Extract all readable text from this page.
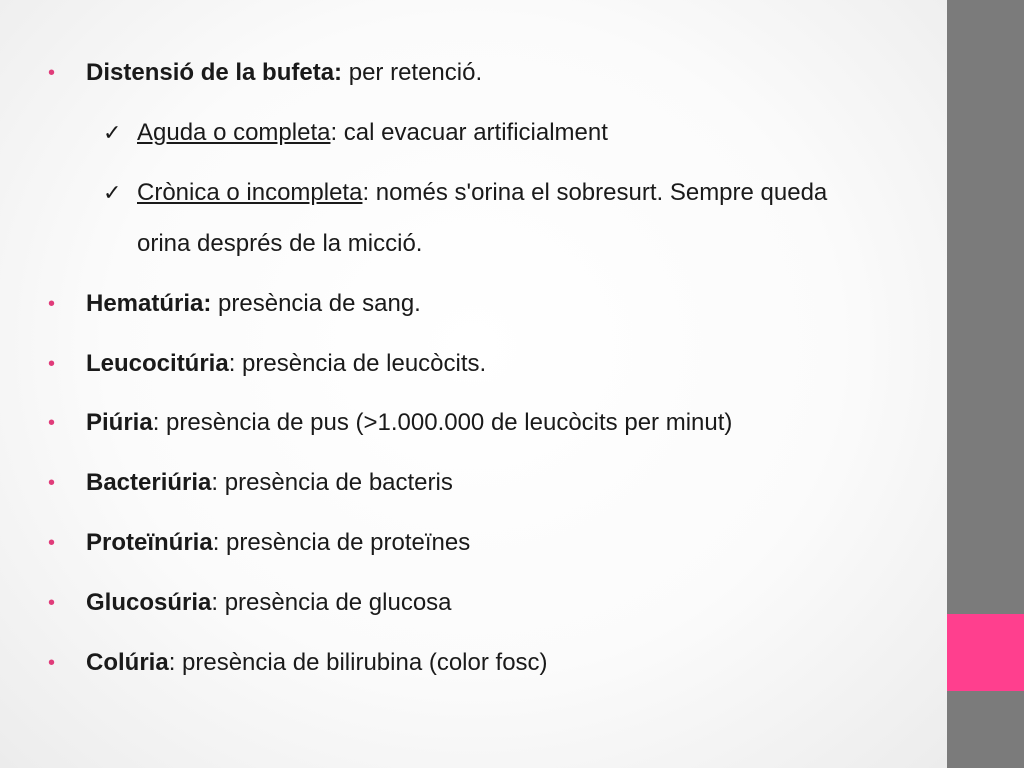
• Distensió de la bufeta: per retenció.
✓ Aguda o completa: cal evacuar artificialment
✓ Crònica o incompleta: només s'orina el sobresurt. Sempre queda
orina després de la micció.
• Hematúria: presència de sang.
• Leucocitúria: presència de leucòcits.
• Piúria: presència de pus (>1.000.000 de leucòcits per minut)
• Bacteriúria: presència de bacteris
• Proteïnúria: presència de proteïnes
• Glucosúria: presència de glucosa
• Colúria: presència de bilirubina (color fosc)
